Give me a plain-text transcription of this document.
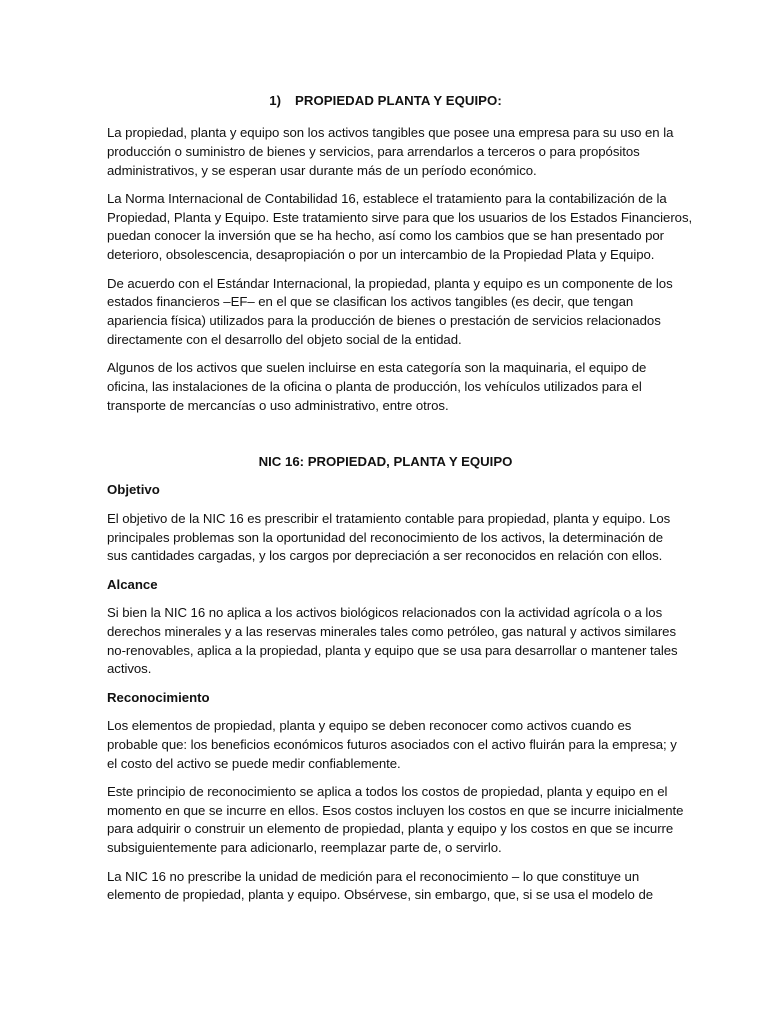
1) PROPIEDAD PLANTA Y EQUIPO:
La propiedad, planta y equipo son los activos tangibles que posee una empresa para su uso en la
producción o suministro de bienes y servicios, para arrendarlos a terceros o para propósitos
administrativos, y se esperan usar durante más de un período económico.
La Norma Internacional de Contabilidad 16, establece el tratamiento para la contabilización de la
Propiedad, Planta y Equipo. Este tratamiento sirve para que los usuarios de los Estados Financieros,
puedan conocer la inversión que se ha hecho, así como los cambios que se han presentado por
deterioro, obsolescencia, desapropiación o por un intercambio de la Propiedad Plata y Equipo.
De acuerdo con el Estándar Internacional, la propiedad, planta y equipo es un componente de los
estados financieros –EF– en el que se clasifican los activos tangibles (es decir, que tengan
apariencia física) utilizados para la producción de bienes o prestación de servicios relacionados
directamente con el desarrollo del objeto social de la entidad.
Algunos de los activos que suelen incluirse en esta categoría son la maquinaria, el equipo de
oficina, las instalaciones de la oficina o planta de producción, los vehículos utilizados para el
transporte de mercancías o uso administrativo, entre otros.
NIC 16: PROPIEDAD, PLANTA Y EQUIPO
Objetivo
El objetivo de la NIC 16 es prescribir el tratamiento contable para propiedad, planta y equipo. Los
principales problemas son la oportunidad del reconocimiento de los activos, la determinación de
sus cantidades cargadas, y los cargos por depreciación a ser reconocidos en relación con ellos.
Alcance
Si bien la NIC 16 no aplica a los activos biológicos relacionados con la actividad agrícola o a los
derechos minerales y a las reservas minerales tales como petróleo, gas natural y activos similares
no-renovables, aplica a la propiedad, planta y equipo que se usa para desarrollar o mantener tales
activos.
Reconocimiento
Los elementos de propiedad, planta y equipo se deben reconocer como activos cuando es
probable que: los beneficios económicos futuros asociados con el activo fluirán para la empresa; y
el costo del activo se puede medir confiablemente.
Este principio de reconocimiento se aplica a todos los costos de propiedad, planta y equipo en el
momento en que se incurre en ellos. Esos costos incluyen los costos en que se incurre inicialmente
para adquirir o construir un elemento de propiedad, planta y equipo y los costos en que se incurre
subsiguientemente para adicionarlo, reemplazar parte de, o servirlo.
La NIC 16 no prescribe la unidad de medición para el reconocimiento – lo que constituye un
elemento de propiedad, planta y equipo. Obsérvese, sin embargo, que, si se usa el modelo de
